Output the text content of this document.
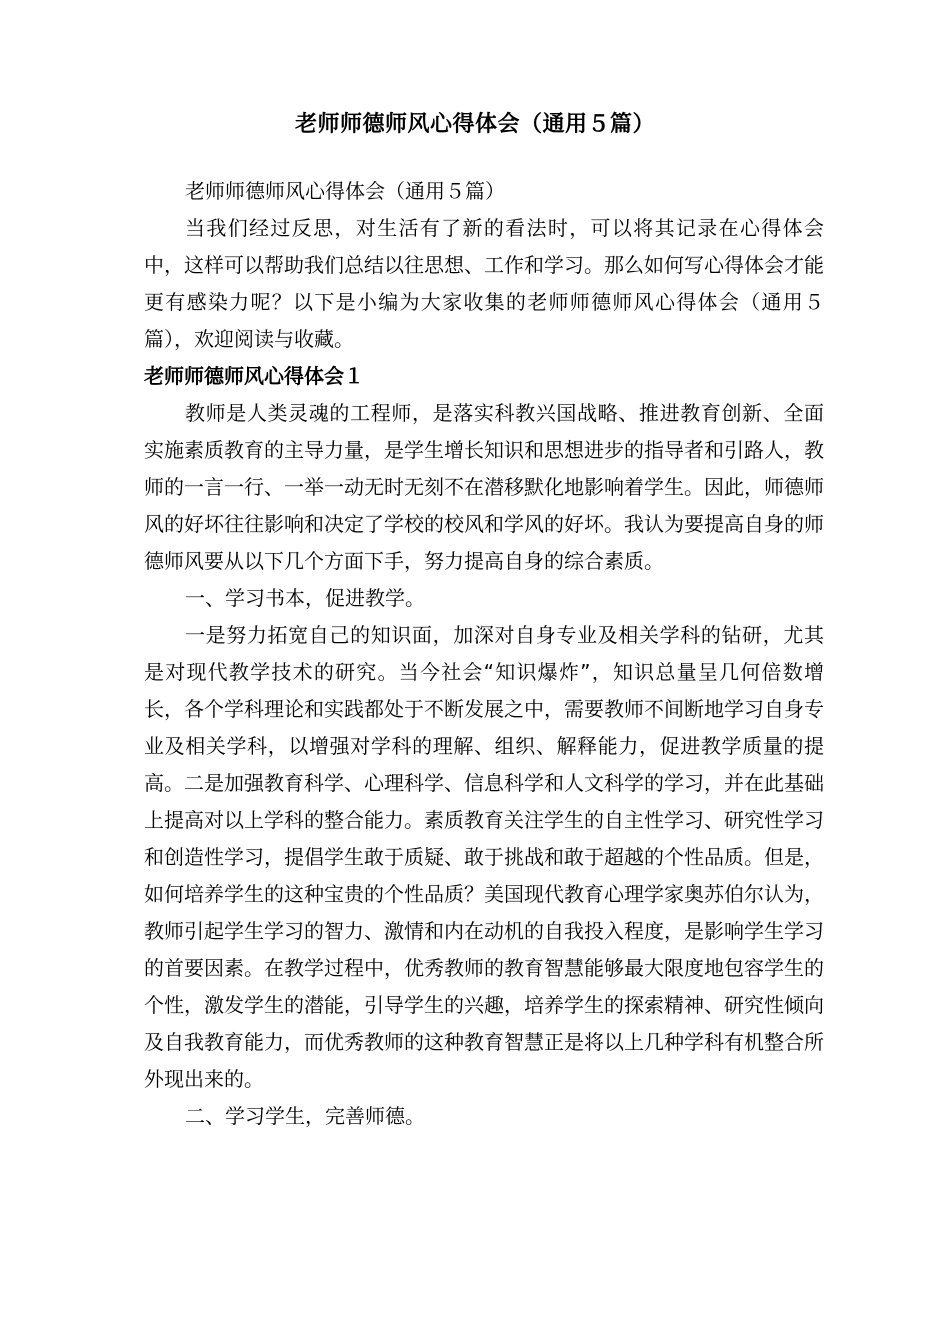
老师师德师风心得体会（通用５篇）

老师师德师风心得体会（通用５篇）

当我们经过反思，对生活有了新的看法时，可以将其记录在心得体会中，这样可以帮助我们总结以往思想、工作和学习。那么如何写心得体会才能更有感染力呢？以下是小编为大家收集的老师师德师风心得体会（通用５篇），欢迎阅读与收藏。

老师师德师风心得体会１

教师是人类灵魂的工程师，是落实科教兴国战略、推进教育创新、全面实施素质教育的主导力量，是学生增长知识和思想进步的指导者和引路人，教师的一言一行、一举一动无时无刻不在潜移默化地影响着学生。因此，师德师风的好坏往往影响和决定了学校的校风和学风的好坏。我认为要提高自身的师德师风要从以下几个方面下手，努力提高自身的综合素质。

一、学习书本，促进教学。

一是努力拓宽自己的知识面，加深对自身专业及相关学科的钻研，尤其是对现代教学技术的研究。当今社会“知识爆炸”，知识总量呈几何倍数增长，各个学科理论和实践都处于不断发展之中，需要教师不间断地学习自身专业及相关学科，以增强对学科的理解、组织、解释能力，促进教学质量的提高。二是加强教育科学、心理科学、信息科学和人文科学的学习，并在此基础上提高对以上学科的整合能力。素质教育关注学生的自主性学习、研究性学习和创造性学习，提倡学生敢于质疑、敢于挑战和敢于超越的个性品质。但是，如何培养学生的这种宝贵的个性品质？美国现代教育心理学家奥苏伯尔认为，教师引起学生学习的智力、激情和内在动机的自我投入程度，是影响学生学习的首要因素。在教学过程中，优秀教师的教育智慧能够最大限度地包容学生的个性，激发学生的潜能，引导学生的兴趣，培养学生的探索精神、研究性倾向及自我教育能力，而优秀教师的这种教育智慧正是将以上几种学科有机整合所外现出来的。

二、学习学生，完善师德。
